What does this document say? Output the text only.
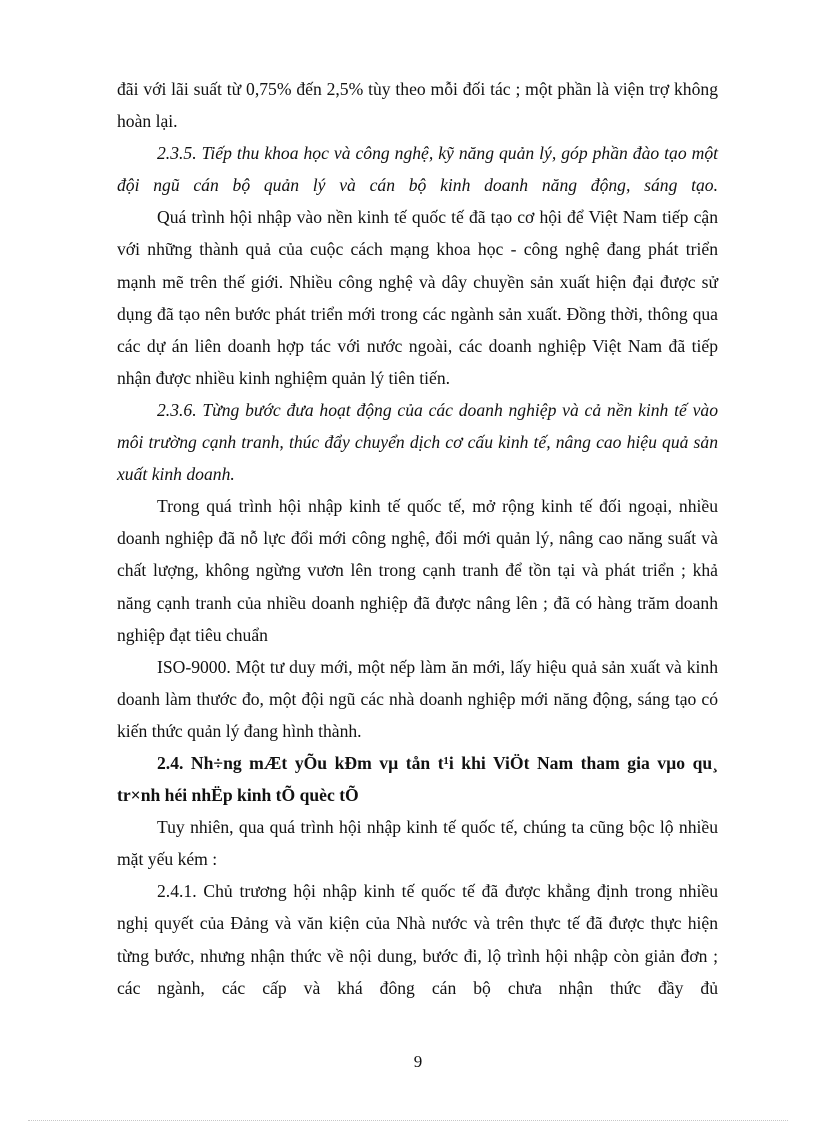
đãi với lãi suất từ 0,75% đến 2,5% tùy theo mỗi đối tác ; một phần là viện trợ không hoàn lại.

2.3.5. Tiếp thu khoa học và công nghệ, kỹ năng quản lý, góp phần đào tạo một đội ngũ cán bộ quản lý và cán bộ kinh doanh năng động, sáng tạo.

Quá trình hội nhập vào nền kinh tế quốc tế đã tạo cơ hội để Việt Nam tiếp cận với những thành quả của cuộc cách mạng khoa học - công nghệ đang phát triển mạnh mẽ trên thế giới. Nhiều công nghệ và dây chuyền sản xuất hiện đại được sử dụng đã tạo nên bước phát triển mới trong các ngành sản xuất. Đồng thời, thông qua các dự án liên doanh hợp tác với nước ngoài, các doanh nghiệp Việt Nam đã tiếp nhận được nhiều kinh nghiệm quản lý tiên tiến.

2.3.6. Từng bước đưa hoạt động của các doanh nghiệp và cả nền kinh tế vào môi trường cạnh tranh, thúc đẩy chuyển dịch cơ cấu kinh tế, nâng cao hiệu quả sản xuất kinh doanh.

Trong quá trình hội nhập kinh tế quốc tế, mở rộng kinh tế đối ngoại, nhiều doanh nghiệp đã nỗ lực đổi mới công nghệ, đổi mới quản lý, nâng cao năng suất và chất lượng, không ngừng vươn lên trong cạnh tranh để tồn tại và phát triển ; khả năng cạnh tranh của nhiều doanh nghiệp đã được nâng lên ; đã có hàng trăm doanh nghiệp đạt tiêu chuẩn

ISO-9000. Một tư duy mới, một nếp làm ăn mới, lấy hiệu quả sản xuất và kinh doanh làm thước đo, một đội ngũ các nhà doanh nghiệp mới năng động, sáng tạo có kiến thức quản lý đang hình thành.

2.4. Nh÷ng mÆt yÕu kÐm vµ tån t¹i khi ViÖt Nam tham gia vµo qu¸ tr×nh héi nhËp kinh tÕ quèc tÕ

Tuy nhiên, qua quá trình hội nhập kinh tế quốc tế, chúng ta cũng bộc lộ nhiều mặt yếu kém :

2.4.1. Chủ trương hội nhập kinh tế quốc tế đã được khẳng định trong nhiều nghị quyết của Đảng và văn kiện của Nhà nước và trên thực tế đã được thực hiện từng bước, nhưng nhận thức về nội dung, bước đi, lộ trình hội nhập còn giản đơn ; các ngành, các cấp và khá đông cán bộ chưa nhận thức đầy đủ

9
